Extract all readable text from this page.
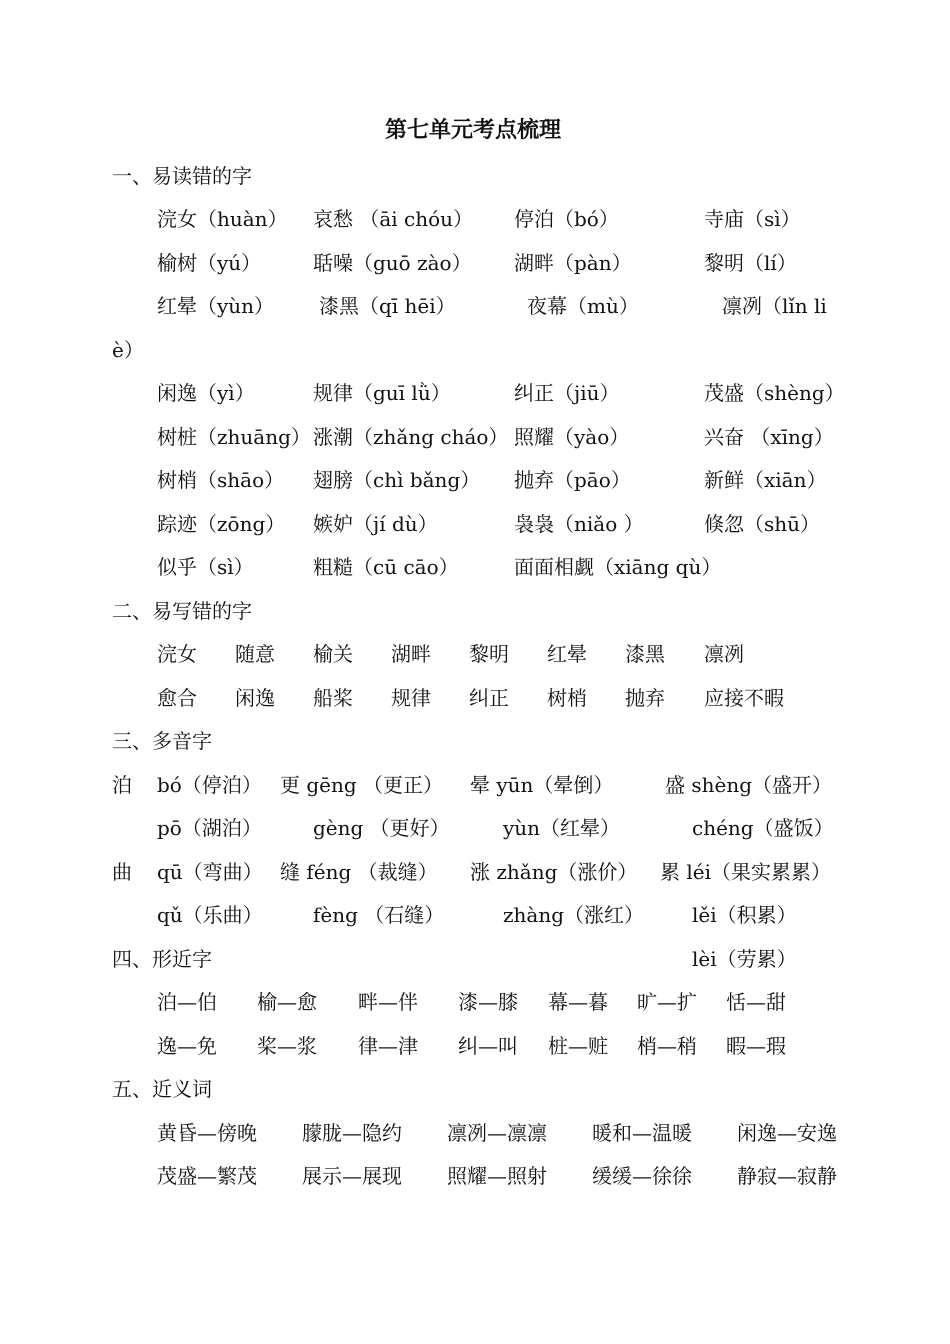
第七单元考点梳理
一、易读错的字
浣女（huàn） 哀愁 （āi chóu） 停泊（bó）	寺庙（sì）
榆树（yú）	聒噪（guō zào） 湖畔（pàn）	黎明（lí）
红晕（yùn） 漆黑（qī hēi）	夜幕（mù）	凛冽（lǐn li
è）
闲逸（yì）	规律（guī lǜ）	纠正（jiū）	茂盛（shèng）
树桩（zhuāng） 涨潮（zhǎng cháo） 照耀（yào）	兴奋 （xīng）
树梢（shāo） 翅膀（chì bǎng） 抛弃（pāo）	新鲜（xiān）
踪迹（zōng） 嫉妒（jí dù）	袅袅（niǎo ）	倏忽（shū）
似乎（sì）	粗糙（cū cāo）	面面相觑（xiāng qù）
二、易写错的字
浣女 随意 榆关 湖畔 黎明 红晕 漆黑 凛冽
愈合 闲逸 船桨 规律 纠正 树梢 抛弃 应接不暇
三、多音字
泊 bó（停泊） 更 gēng （更正） 晕 yūn（晕倒）	盛 shèng（盛开）
pō（湖泊）	gèng （更好）	yùn（红晕）	chéng（盛饭）
曲 qū（弯曲） 缝 féng （裁缝） 涨 zhǎng（涨价） 累 léi（果实累累）
qǔ（乐曲）	fèng （石缝）	zhàng（涨红） lěi（积累）
四、形近字	lèi（劳累）
泊—伯 榆—愈 畔—伴 漆—膝 幕—暮 旷—扩 恬—甜
逸—免 桨—浆 律—津 纠—叫 桩—赃 梢—稍 暇—瑕
五、近义词
黄昏—傍晚 朦胧—隐约 凛冽—凛凛 暖和—温暖 闲逸—安逸
茂盛—繁茂 展示—展现 照耀—照射 缓缓—徐徐 静寂—寂静
